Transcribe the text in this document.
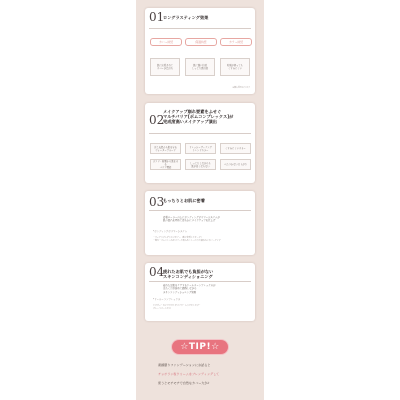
01
ロングラスティング効果
カバー持続	保湿持続	カラー持続
肌に密着されて
カバーが長持ち
肌に潤い持続
しっとり感持続
時間が経っても
くすみにくい
※個人差があります
02
メイクアップ崩れ要素をふせぐ
マルチバリア[ポムコンプレックス]が
完成度高いメイクアップ演出
汗と皮脂から肌を守る
ウォータープルーフ
ドレッシーヴィテング
トレンドカラー	くすみにくいカラー
ホコリ・粉塵から肌を守る
バリア機能
しっとりしながらも
肌が重くならない	べたつかない仕上がり
03
もっちりとお肌に密着
密着ローラーの上にボンディングポリマーシステムが
肌の凹凸を埋めて滑らかにメイクアップを仕上げ
*ボンディングポリマーシステム
・ウェアラブルグラスリポマー（肌に密着してキープ）
・弾力・フレッシュなポリマーで柔らかくしっとりで崩れないカバーアップ
04
疲れたお肌でも負担がない
スキンコンディショニング
疲れたお肌をケアするドールカーンプレックスが
冷たく引き締めて鎮静しながら
スキンコンディショニング効果
*ドールーコンプレックス
ドクダミ・セイヨウオトギリソウ・ムラサキシキブ・
ブルーベリーエキス
☆TIP!☆

素錦優りファンデーションにお試ると

チョボラン粒クリームをブレンディングして

使うとモチモチで自然なカバー力が♪
